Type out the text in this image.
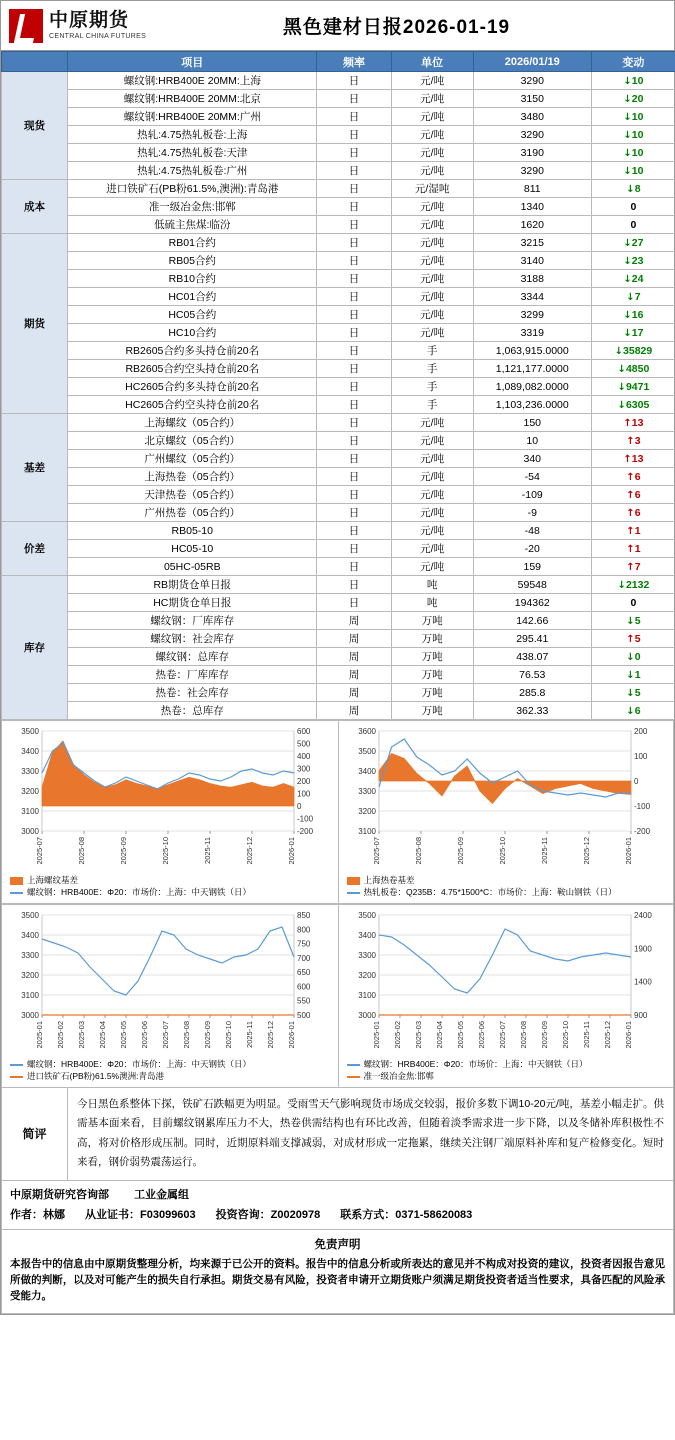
中原期货
CENTRAL CHINA FUTURES	黑色建材日报2026-01-19
	项目	频率	单位	2026/01/19	变动
现货	螺纹钢:HRB400E 20MM:上海	日	元/吨	3290	↓10
	螺纹钢:HRB400E 20MM:北京	日	元/吨	3150	↓20
	螺纹钢:HRB400E 20MM:广州	日	元/吨	3480	↓10
	热轧:4.75热轧板卷:上海	日	元/吨	3290	↓10
	热轧:4.75热轧板卷:天津	日	元/吨	3190	↓10
	热轧:4.75热轧板卷:广州	日	元/吨	3290	↓10
成本	进口铁矿石(PB粉61.5%,澳洲):青岛港	日	元/湿吨	811	↓8
	准一级冶金焦:邯郸	日	元/吨	1340	0
	低硫主焦煤:临汾	日	元/吨	1620	0
期货	RB01合约	日	元/吨	3215	↓27
	RB05合约	日	元/吨	3140	↓23
	RB10合约	日	元/吨	3188	↓24
	HC01合约	日	元/吨	3344	↓7
	HC05合约	日	元/吨	3299	↓16
	HC10合约	日	元/吨	3319	↓17
	RB2605合约多头持仓前20名	日	手	1,063,915.0000	↓35829
	RB2605合约空头持仓前20名	日	手	1,121,177.0000	↓4850
	HC2605合约多头持仓前20名	日	手	1,089,082.0000	↓9471
	HC2605合约空头持仓前20名	日	手	1,103,236.0000	↓6305
基差	上海螺纹（05合约）	日	元/吨	150	↑13
	北京螺纹（05合约）	日	元/吨	10	↑3
	广州螺纹（05合约）	日	元/吨	340	↑13
	上海热卷（05合约）	日	元/吨	-54	↑6
	天津热卷（05合约）	日	元/吨	-109	↑6
	广州热卷（05合约）	日	元/吨	-9	↑6
价差	RB05-10	日	元/吨	-48	↑1
	HC05-10	日	元/吨	-20	↑1
	05HC-05RB	日	元/吨	159	↑7
库存	RB期货仓单日报	日	吨	59548	↓2132
	HC期货仓单日报	日	吨	194362	0
	螺纹钢：厂库库存	周	万吨	142.66	↓5
	螺纹钢：社会库存	周	万吨	295.41	↑5
	螺纹钢：总库存	周	万吨	438.07	↓0
	热卷：厂库库存	周	万吨	76.53	↓1
	热卷：社会库存	周	万吨	285.8	↓5
	热卷：总库存	周	万吨	362.33	↓6
3000
3100
3200
3300
3400
3500
-200
-100
0
100
200
300
400
500
600
2025-07	2025-08	2025-09	2025-10	2025-11	2025-12	2026-01
上海螺纹基差
螺纹钢：HRB400E：Φ20：市场价：上海：中天钢铁（日）
3100
3200
3300
3400
3500
3600
-200
-100
0
100
200
2025-07	2025-08	2025-09	2025-10	2025-11	2025-12	2026-01
上海热卷基差
热轧板卷：Q235B：4.75*1500*C：市场价：上海：鞍山钢铁（日）
3000
3100
3200
3300
3400
3500
500
550
600
650
700
750
800
850
2025-01 2025-02 2025-03 2025-04 2025-05 2025-06 2025-07 2025-08 2025-09 2025-10 2025-11 2025-12 2026-01
螺纹钢：HRB400E：Φ20：市场价：上海：中天钢铁（日）
进口铁矿石(PB粉)61.5%澳洲:青岛港
3000
3100
3200
3300
3400
3500
900
1400
1900
2400
2025-01 2025-02 2025-03 2025-04 2025-05 2025-06 2025-07 2025-08 2025-09 2025-10 2025-11 2025-12 2026-01
螺纹钢：HRB400E：Φ20：市场价：上海：中天钢铁（日）
准一级冶金焦:邯郸
简评
今日黑色系整体下探，铁矿石跌幅更为明显。受雨雪天气影响现货市场成交较弱，报价多数下调10-20元/吨，基差小幅走扩。供需基本面来看，目前螺纹钢累库压力不大，热卷供需结构也有环比改善，但随着淡季需求进一步下降，以及冬储补库积极性不高，将对价格形成压制。同时，近期原料端支撑减弱，对成材形成一定拖累，继续关注钢厂端原料补库和复产检修变化。短时来看，钢价弱势震荡运行。
中原期货研究咨询部 工业金属组
作者：林娜 从业证书：F03099603 投资咨询：Z0020978 联系方式：0371-58620083
免责声明

本报告中的信息由中原期货整理分析，均来源于已公开的资料。报告中的信息分析或所表达的意见并不构成对投资的建议，投资者因报告意见所做的判断，以及对可能产生的损失自行承担。期货交易有风险，投资者申请开立期货账户须满足期货投资者适当性要求，具备匹配的风险承受能力。
